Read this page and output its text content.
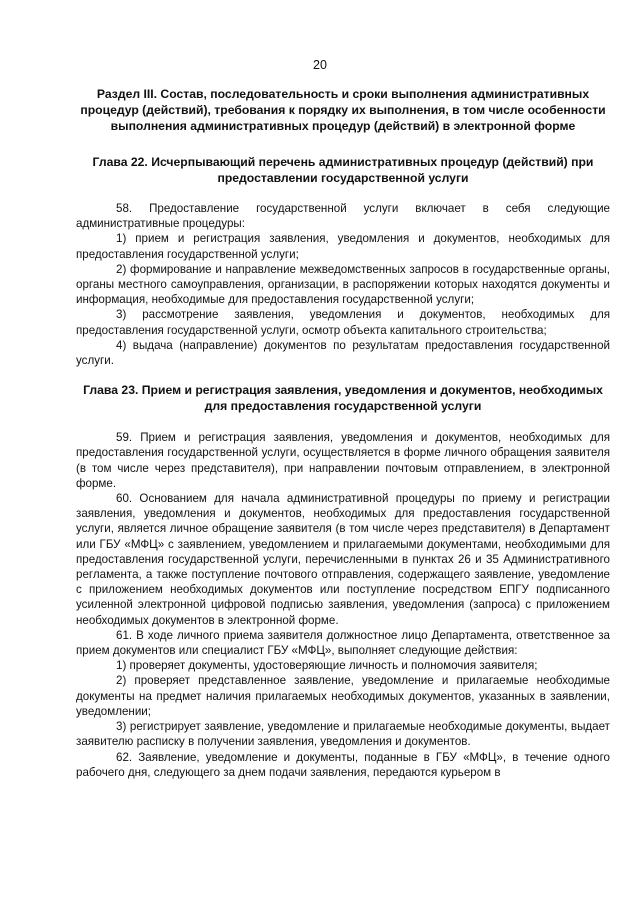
20

Раздел III. Состав, последовательность и сроки выполнения административных процедур (действий), требования к порядку их выполнения, в том числе особенности выполнения административных процедур (действий) в электронной форме

Глава 22. Исчерпывающий перечень административных процедур (действий) при предоставлении государственной услуги

58. Предоставление государственной услуги включает в себя следующие административные процедуры:

1) прием и регистрация заявления, уведомления и документов, необходимых для предоставления государственной услуги;

2) формирование и направление межведомственных запросов в государственные органы, органы местного самоуправления, организации, в распоряжении которых находятся документы и информация, необходимые для предоставления государственной услуги;

3) рассмотрение заявления, уведомления и документов, необходимых для предоставления государственной услуги, осмотр объекта капитального строительства;

4) выдача (направление) документов по результатам предоставления государственной услуги.

Глава 23. Прием и регистрация заявления, уведомления и документов, необходимых для предоставления государственной услуги

59. Прием и регистрация заявления, уведомления и документов, необходимых для предоставления государственной услуги, осуществляется в форме личного обращения заявителя (в том числе через представителя), при направлении почтовым отправлением, в электронной форме.

60. Основанием для начала административной процедуры по приему и регистрации заявления, уведомления и документов, необходимых для предоставления государственной услуги, является личное обращение заявителя (в том числе через представителя) в Департамент или ГБУ «МФЦ» с заявлением, уведомлением и прилагаемыми документами, необходимыми для предоставления государственной услуги, перечисленными в пунктах 26 и 35 Административного регламента, а также поступление почтового отправления, содержащего заявление, уведомление с приложением необходимых документов или поступление посредством ЕПГУ подписанного усиленной электронной цифровой подписью заявления, уведомления (запроса) с приложением необходимых документов в электронной форме.

61. В ходе личного приема заявителя должностное лицо Департамента, ответственное за прием документов или специалист ГБУ «МФЦ», выполняет следующие действия:

1) проверяет документы, удостоверяющие личность и полномочия заявителя;

2) проверяет представленное заявление, уведомление и прилагаемые необходимые документы на предмет наличия прилагаемых необходимых документов, указанных в заявлении, уведомлении;

3) регистрирует заявление, уведомление и прилагаемые необходимые документы, выдает заявителю расписку в получении заявления, уведомления и документов.

62. Заявление, уведомление и документы, поданные в ГБУ «МФЦ», в течение одного рабочего дня, следующего за днем подачи заявления, передаются курьером в
